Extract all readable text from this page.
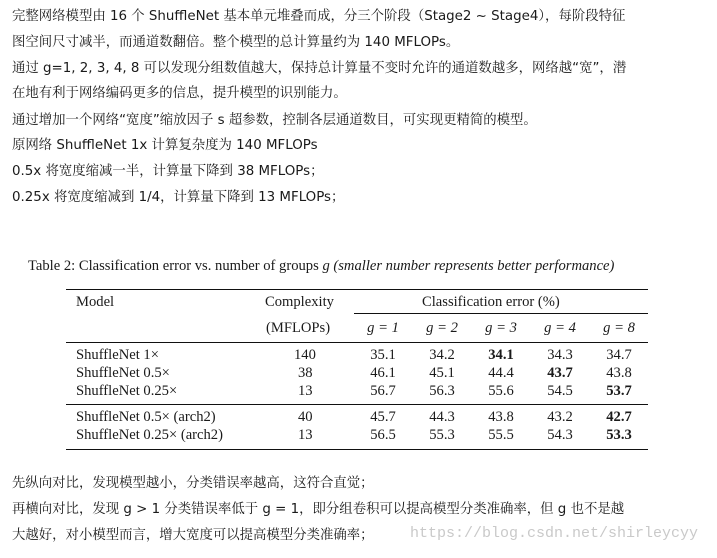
完整网络模型由 16 个 ShuffleNet 基本单元堆叠而成，分三个阶段（Stage2 ~ Stage4），每阶段特征
图空间尺寸减半，而通道数翻倍。整个模型的总计算量约为 140 MFLOPs。
通过 g=1, 2, 3, 4, 8 可以发现分组数值越大，保持总计算量不变时允许的通道数越多，网络越“宽”，潜
在地有利于网络编码更多的信息，提升模型的识别能力。
通过增加一个网络“宽度”缩放因子 s 超参数，控制各层通道数目，可实现更精简的模型。
原网络 ShuffleNet 1x 计算复杂度为 140 MFLOPs
0.5x 将宽度缩减一半，计算量下降到 38 MFLOPs；
0.25x 将宽度缩减到 1/4，计算量下降到 13 MFLOPs；
Table 2: Classification error vs. number of groups g (smaller number represents better performance)
Model	Complexity
(MFLOPs)
Classification error (%)
g = 1	g = 2	g = 3	g = 4	g = 8
ShuffleNet 1×	140	35.1	34.2	34.1	34.3	34.7
ShuffleNet 0.5×	38	46.1	45.1	44.4	43.7	43.8
ShuffleNet 0.25×	13	56.7	56.3	55.6	54.5	53.7
ShuffleNet 0.5× (arch2)	40	45.7	44.3	43.8	43.2	42.7
ShuffleNet 0.25× (arch2)	13	56.5	55.3	55.5	54.3	53.3
先纵向对比，发现模型越小，分类错误率越高，这符合直觉；
再横向对比，发现 g > 1 分类错误率低于 g = 1，即分组卷积可以提高模型分类准确率，但 g 也不是越
大越好，对小模型而言，增大宽度可以提高模型分类准确率； https://blog.csdn.net/shirleycyy
